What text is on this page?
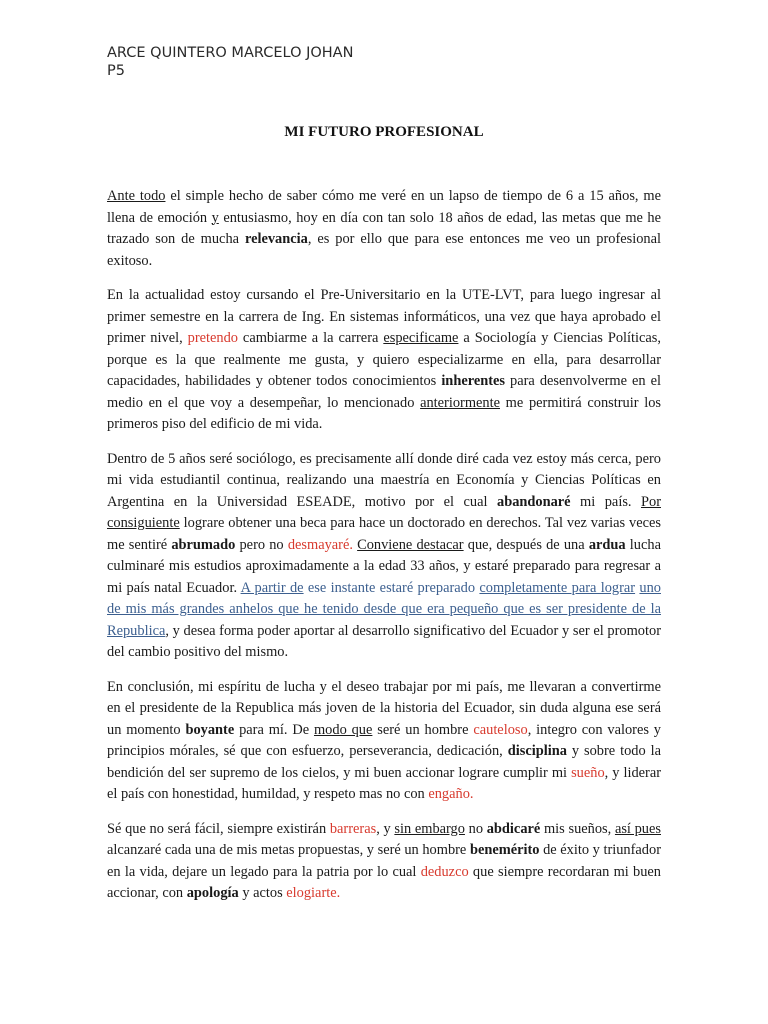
ARCE QUINTERO MARCELO JOHAN
P5
MI FUTURO PROFESIONAL

Ante todo el simple hecho de saber cómo me veré en un lapso de tiempo de 6 a 15 años, me llena de emoción y entusiasmo, hoy en día con tan solo 18 años de edad, las metas que me he trazado son de mucha relevancia, es por ello que para ese entonces me veo un profesional exitoso.

En la actualidad estoy cursando el Pre-Universitario en la UTE-LVT, para luego ingresar al primer semestre en la carrera de Ing. En sistemas informáticos, una vez que haya aprobado el primer nivel, pretendo cambiarme a la carrera especificame a Sociología y Ciencias Políticas, porque es la que realmente me gusta, y quiero especializarme en ella, para desarrollar capacidades, habilidades y obtener todos conocimientos inherentes para desenvolverme en el medio en el que voy a desempeñar, lo mencionado anteriormente me permitirá construir los primeros piso del edificio de mi vida.

Dentro de 5 años seré sociólogo, es precisamente allí donde diré cada vez estoy más cerca, pero mi vida estudiantil continua, realizando una maestría en Economía y Ciencias Políticas en Argentina en la Universidad ESEADE, motivo por el cual abandonaré mi país. Por consiguiente lograre obtener una beca para hace un doctorado en derechos. Tal vez varias veces me sentiré abrumado pero no desmayaré. Conviene destacar que, después de una ardua lucha culminaré mis estudios aproximadamente a la edad 33 años, y estaré preparado para regresar a mi país natal Ecuador. A partir de ese instante estaré preparado completamente para lograr uno de mis más grandes anhelos que he tenido desde que era pequeño que es ser presidente de la Republica, y desea forma poder aportar al desarrollo significativo del Ecuador y ser el promotor del cambio positivo del mismo.

En conclusión, mi espíritu de lucha y el deseo trabajar por mi país, me llevaran a convertirme en el presidente de la Republica más joven de la historia del Ecuador, sin duda alguna ese será un momento boyante para mí. De modo que seré un hombre cauteloso, integro con valores y principios mórales, sé que con esfuerzo, perseverancia, dedicación, disciplina y sobre todo la bendición del ser supremo de los cielos, y mi buen accionar lograre cumplir mi sueño, y liderar el país con honestidad, humildad, y respeto mas no con engaño.

Sé que no será fácil, siempre existirán barreras, y sin embargo no abdicaré mis sueños, así pues alcanzaré cada una de mis metas propuestas, y seré un hombre benemérito de éxito y triunfador en la vida, dejare un legado para la patria por lo cual deduzco que siempre recordaran mi buen accionar, con apología y actos elogiarte.
